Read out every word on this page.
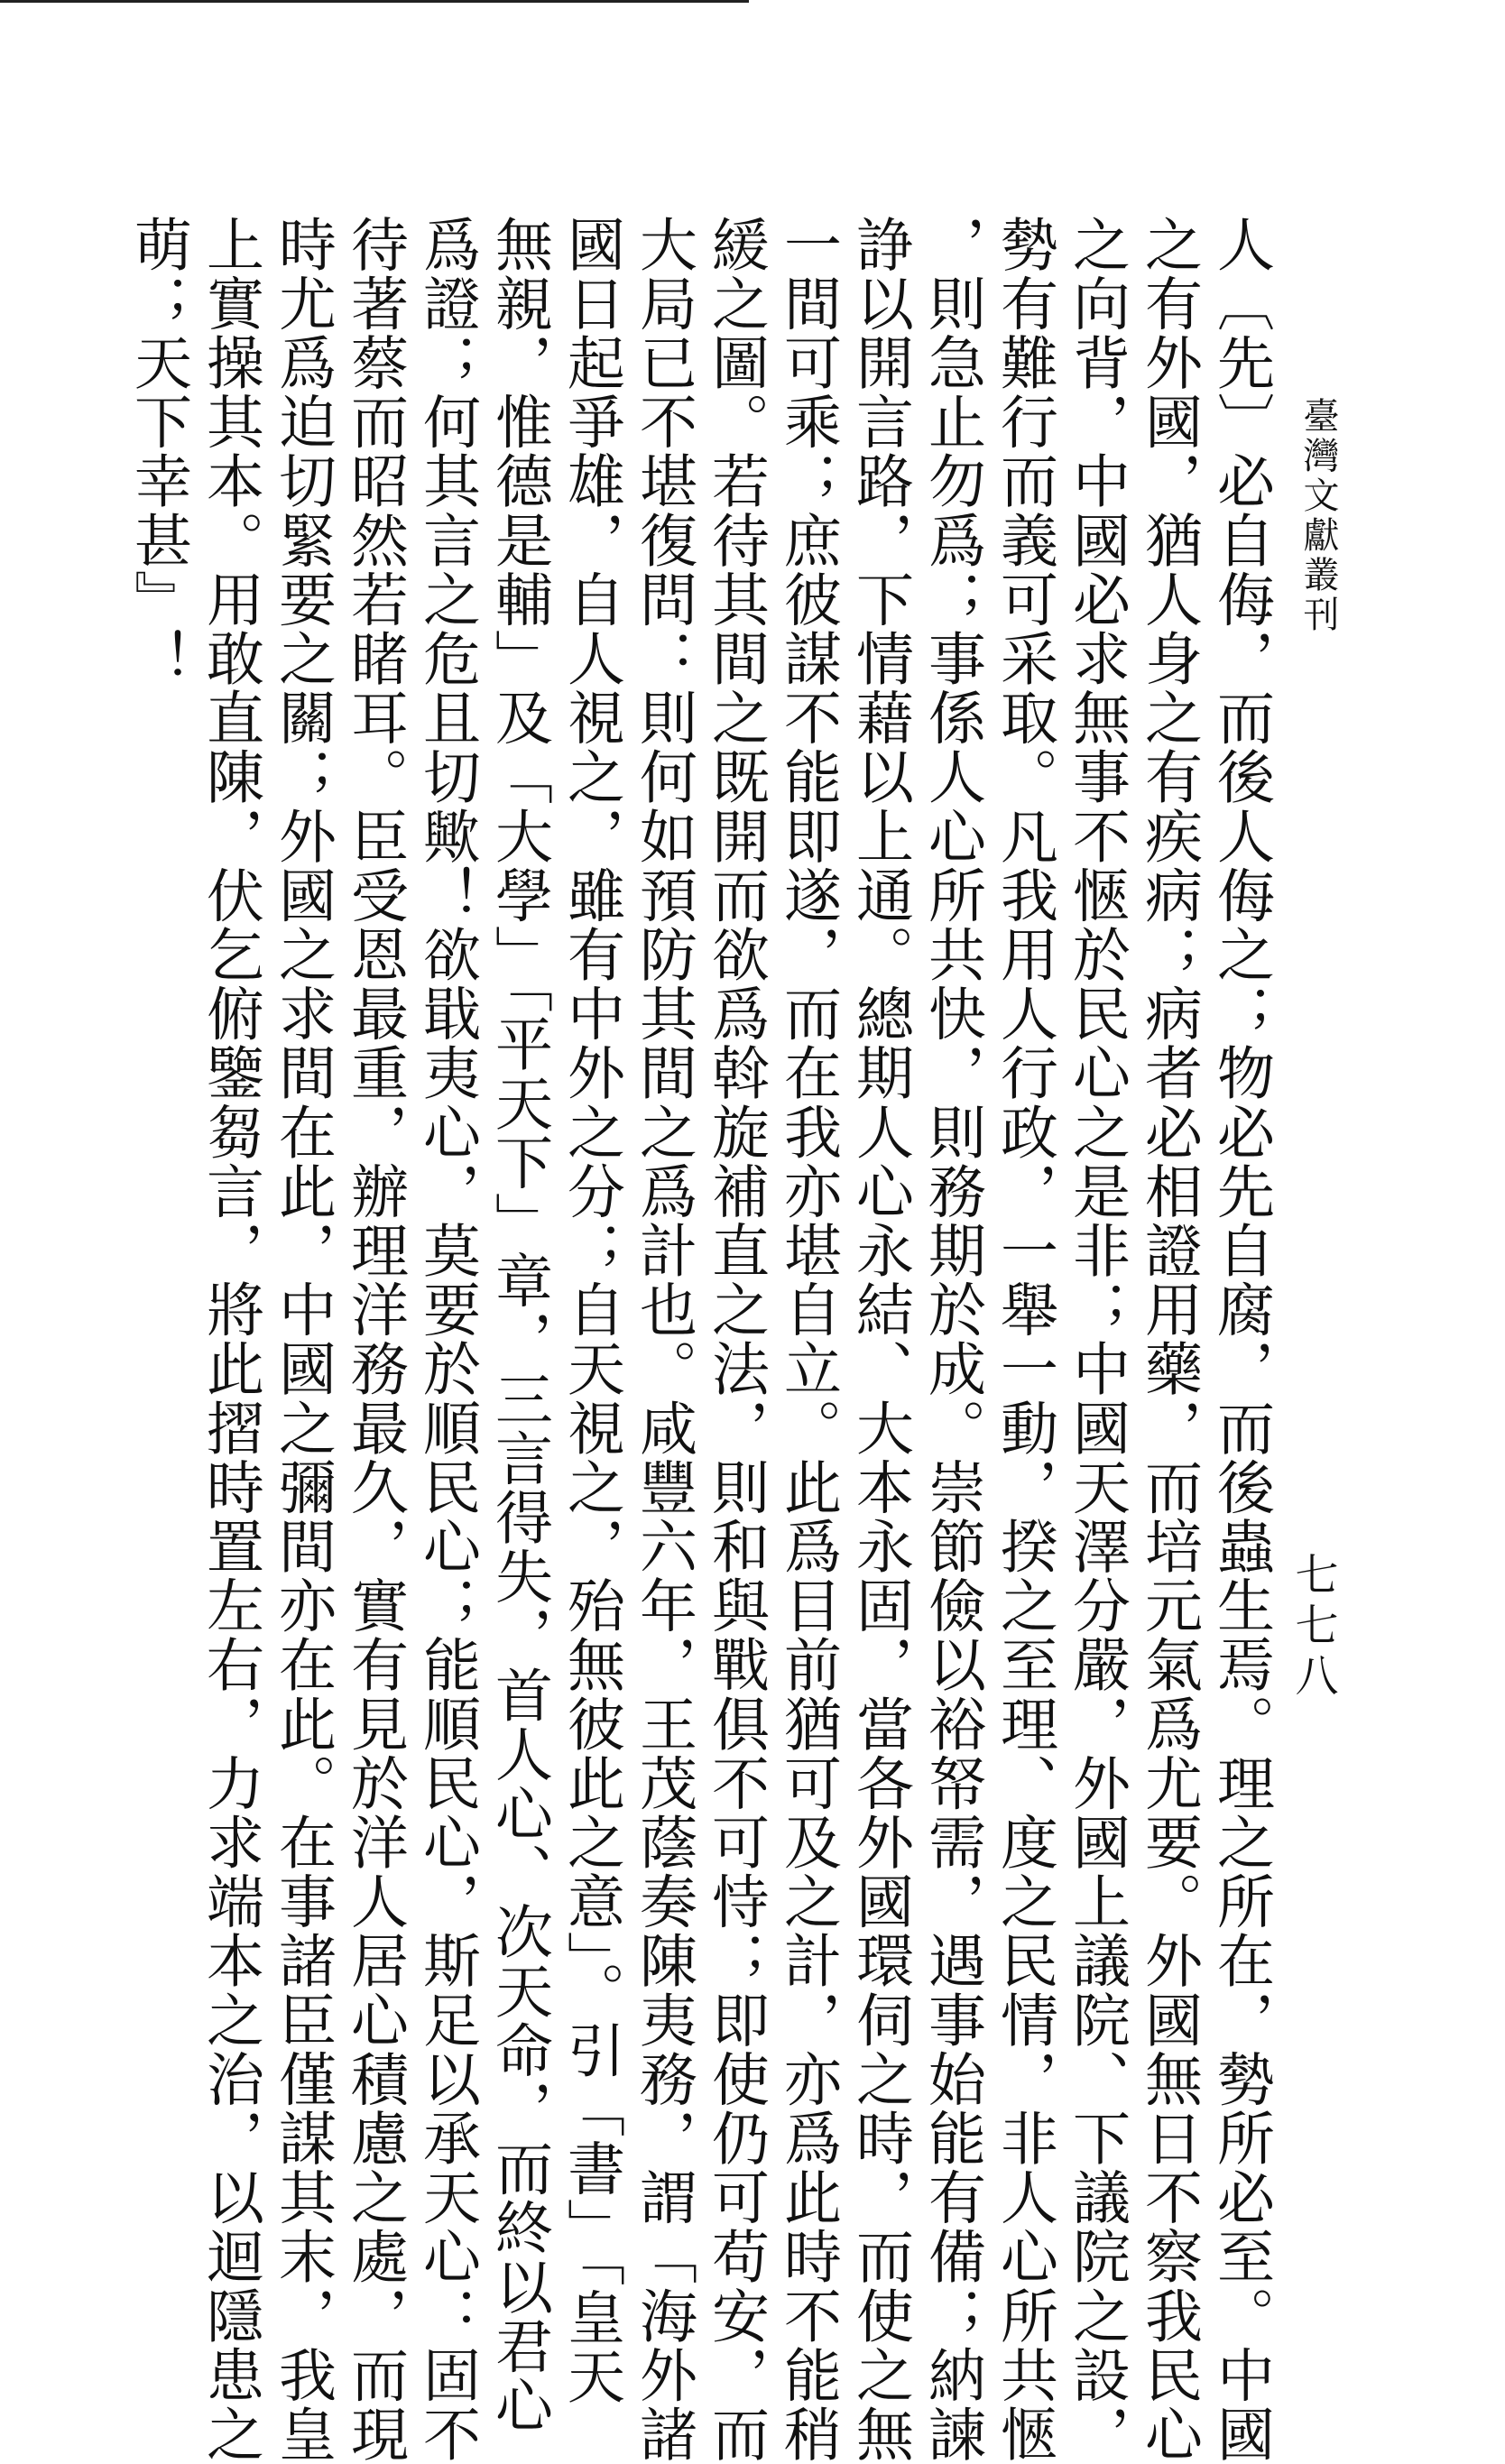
臺灣文獻叢刊
七七八
人〔先〕必自侮，而後人侮之；物必先自腐，而後蟲生焉。理之所在，勢所必至。中國
之有外國，猶人身之有疾病；病者必相證用藥，而培元氣爲尤要。外國無日不察我民心
之向背，中國必求無事不愜於民心之是非；中國天澤分嚴，外國上議院、下議院之設，
勢有難行而義可采取。凡我用人行政，一舉一動，揆之至理、度之民情，非人心所共愜
，則急止勿爲；事係人心所共快，則務期於成。崇節儉以裕帑需，遇事始能有備；納諫
諍以開言路，下情藉以上通。總期人心永結、大本永固，當各外國環伺之時，而使之無
一間可乘；庶彼謀不能即遂，而在我亦堪自立。此爲目前猶可及之計，亦爲此時不能稍
緩之圖。若待其間之既開而欲爲斡旋補直之法，則和與戰俱不可恃；即使仍可苟安，而
大局已不堪復問：則何如預防其間之爲計也。咸豐六年，王茂蔭奏陳夷務，謂「海外諸
國日起爭雄，自人視之，雖有中外之分；自天視之，殆無彼此之意」。引「書」「皇天
無親，惟德是輔」及「大學」「平天下」章，三言得失，首人心、次天命，而終以君心
爲證；何其言之危且切歟！欲戢夷心，莫要於順民心；能順民心，斯足以承天心：固不
待著蔡而昭然若睹耳。臣受恩最重，辦理洋務最久，實有見於洋人居心積慮之處，而現
時尤爲迫切緊要之關；外國之求間在此，中國之彌間亦在此。在事諸臣僅謀其末，我皇
上實操其本。用敢直陳，伏乞俯鑒芻言，將此摺時置左右，力求端本之治，以迴隱患之
萌；天下幸甚』！
